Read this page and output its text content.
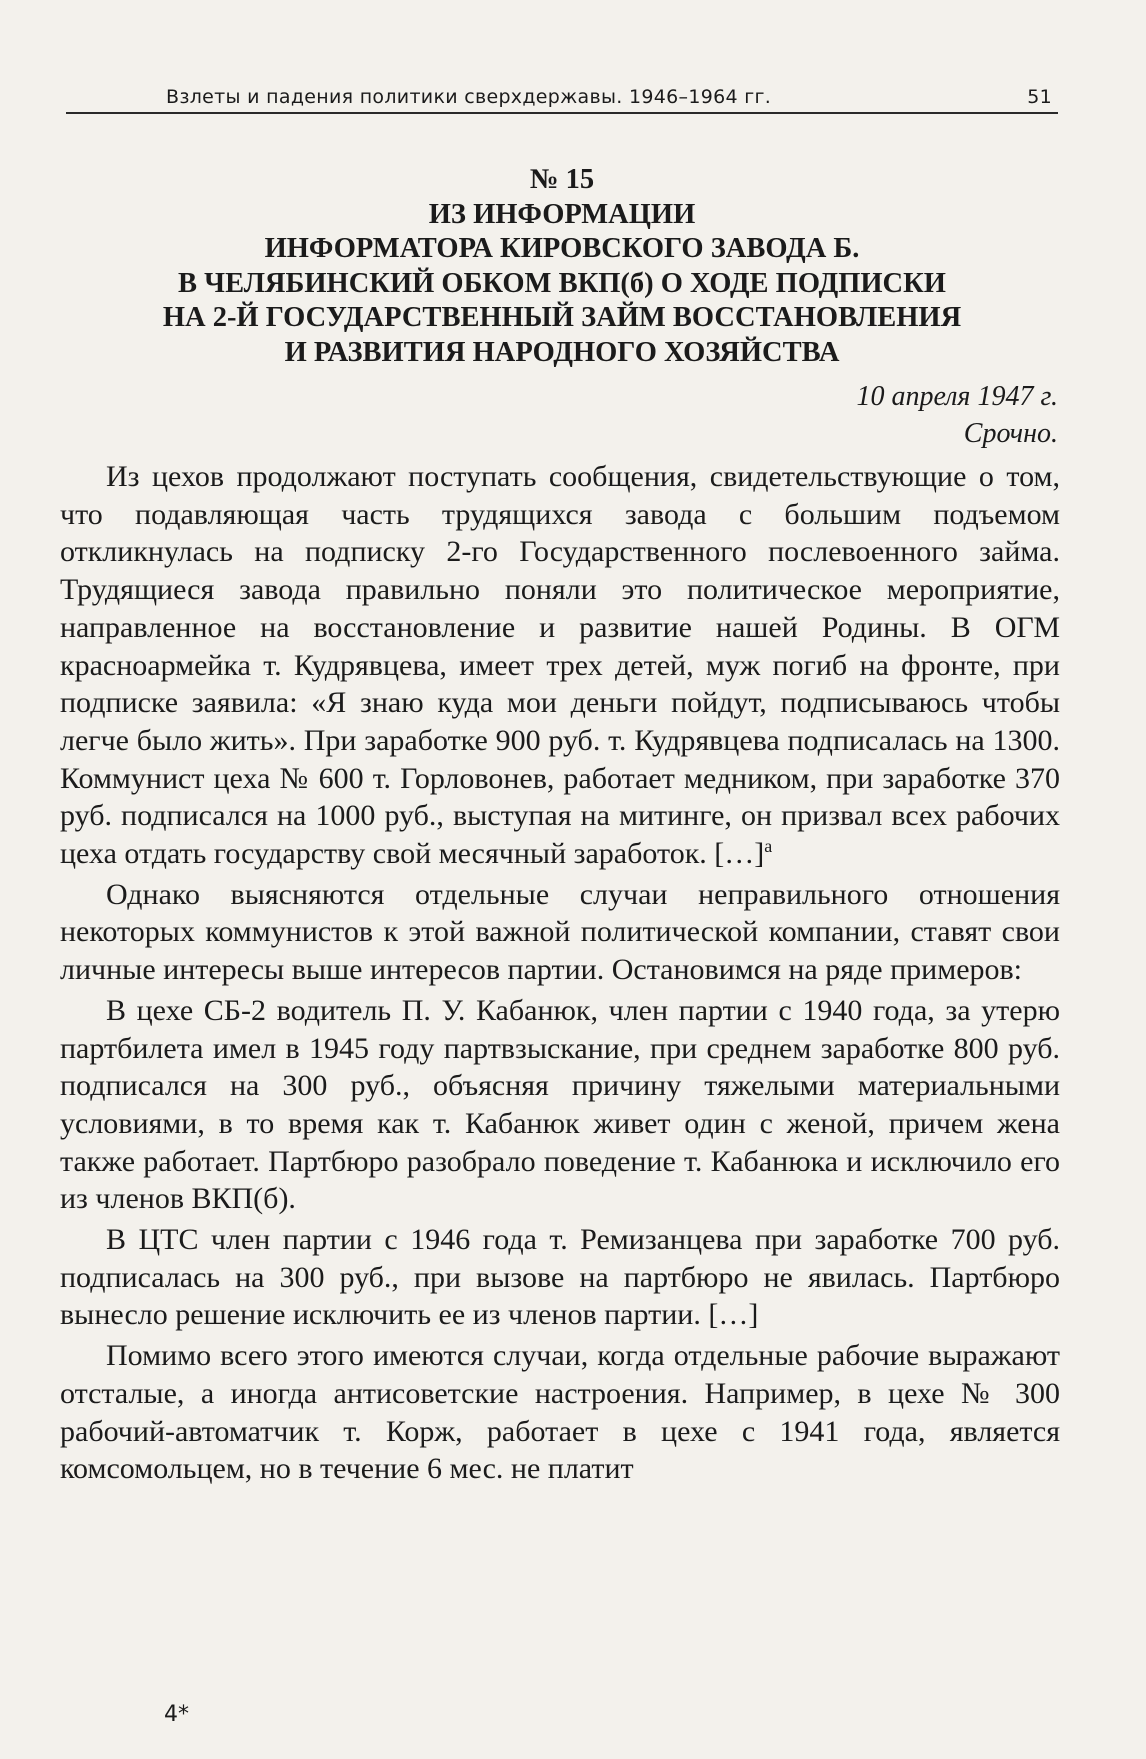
Взлеты и падения политики сверхдержавы. 1946–1964 гг.	51
№ 15
ИЗ ИНФОРМАЦИИ
ИНФОРМАТОРА КИРОВСКОГО ЗАВОДА Б.
В ЧЕЛЯБИНСКИЙ ОБКОМ ВКП(б) О ХОДЕ ПОДПИСКИ
НА 2-Й ГОСУДАРСТВЕННЫЙ ЗАЙМ ВОССТАНОВЛЕНИЯ
И РАЗВИТИЯ НАРОДНОГО ХОЗЯЙСТВА
10 апреля 1947 г.
Срочно.

Из цехов продолжают поступать сообщения, свидетельствующие о том, что подавляющая часть трудящихся завода с большим подъемом откликнулась на подписку 2-го Государственного послевоенного займа. Трудящиеся завода правильно поняли это политическое мероприятие, направленное на восстановление и развитие нашей Родины. В ОГМ красноармейка т. Кудрявцева, имеет трех детей, муж погиб на фронте, при подписке заявила: «Я знаю куда мои деньги пойдут, подписываюсь чтобы легче было жить». При заработке 900 руб. т. Кудрявцева подписалась на 1300. Коммунист цеха № 600 т. Горловонев, работает медником, при заработке 370 руб. подписался на 1000 руб., выступая на митинге, он призвал всех рабочих цеха отдать государству свой месячный заработок. […]$^а$

Однако выясняются отдельные случаи неправильного отношения некоторых коммунистов к этой важной политической компании, ставят свои личные интересы выше интересов партии. Остановимся на ряде примеров:

В цехе СБ-2 водитель П. У. Кабанюк, член партии с 1940 года, за утерю партбилета имел в 1945 году партвзыскание, при среднем заработке 800 руб. подписался на 300 руб., объясняя причину тяжелыми материальными условиями, в то время как т. Кабанюк живет один с женой, причем жена также работает. Партбюро разобрало поведение т. Кабанюка и исключило его из членов ВКП(б).

В ЦТС член партии с 1946 года т. Ремизанцева при заработке 700 руб. подписалась на 300 руб., при вызове на партбюро не явилась. Партбюро вынесло решение исключить ее из членов партии. […]

Помимо всего этого имеются случаи, когда отдельные рабочие выражают отсталые, а иногда антисоветские настроения. Например, в цехе № 300 рабочий-автоматчик т. Корж, работает в цехе с 1941 года, является комсомольцем, но в течение 6 мес. не платит

4*
